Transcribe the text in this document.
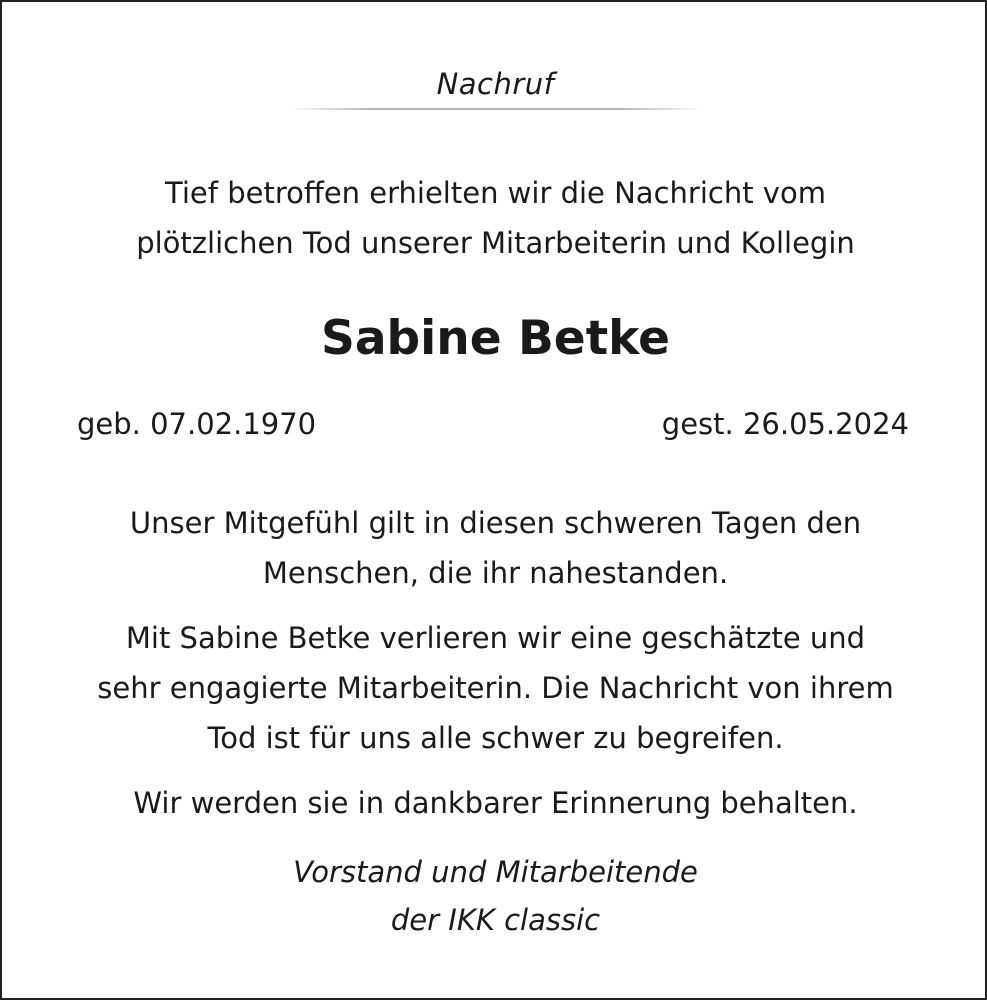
Nachruf
Tief betroffen erhielten wir die Nachricht vom
plötzlichen Tod unserer Mitarbeiterin und Kollegin
Sabine Betke
geb. 07.02.1970	gest. 26.05.2024
Unser Mitgefühl gilt in diesen schweren Tagen den
Menschen, die ihr nahestanden.
Mit Sabine Betke verlieren wir eine geschätzte und
sehr engagierte Mitarbeiterin. Die Nachricht von ihrem
Tod ist für uns alle schwer zu begreifen.
Wir werden sie in dankbarer Erinnerung behalten.
Vorstand und Mitarbeitende
der IKK classic
